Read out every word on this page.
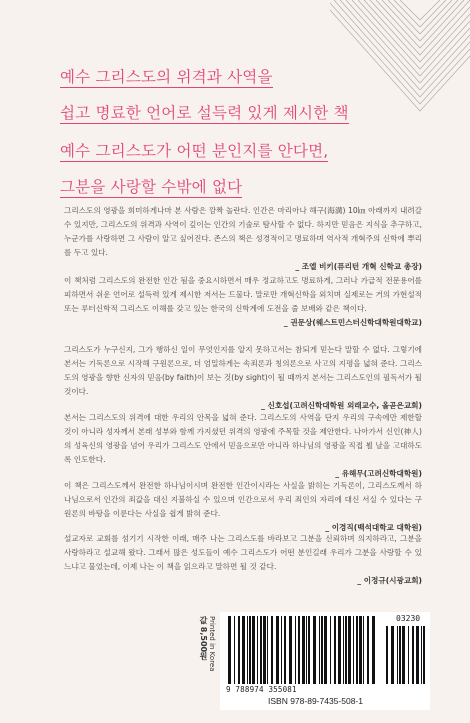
예수 그리스도의 위격과 사역을
쉽고 명료한 언어로 설득력 있게 제시한 책
예수 그리스도가 어떤 분인지를 안다면,
그분을 사랑할 수밖에 없다
그리스도의 영광을 희미하게나마 본 사람은 깜짝 놀란다. 인간은 마리아나 해구(海溝) 10㎞ 아래까지 내려갈 수 있지만, 그리스도의 위격과 사역이 깊이는 인간의 기술로 탐사할 수 없다. 하지만 믿음은 지식을 추구하고, 누군가를 사랑하면 그 사람이 알고 싶어진다. 존스의 책은 성경적이고 명료하며 역사적 개혁주의 신학에 뿌리를 두고 있다.
_ 조엘 비키(퓨리턴 개혁 신학교 총장)
이 책처럼 그리스도의 완전한 인간 됨을 중요시하면서 매우 정교하고도 명료하게, 그러나 가급적 전문용어를 피하면서 쉬운 언어로 설득력 있게 제시한 저서는 드물다. 말로만 개혁신학을 외치며 실제로는 거의 가현설적 또는 루터신학적 그리스도 이해를 갖고 있는 한국의 신학계에 도전을 줄 보배와 같은 책이다.
_ 권문상(웨스트민스터신학대학원대학교)
그리스도가 누구신지, 그가 행하신 일이 무엇인지를 알지 못하고서는 참되게 믿는다 말할 수 없다. 그렇기에 본서는 기독론으로 시작해 구원론으로, 더 엄밀하게는 속죄론과 칭의론으로 사고의 지평을 넓혀 준다. 그리스도의 영광을 향한 신자의 믿음(by faith)이 보는 것(by sight)이 될 때까지 본서는 그리스도인의 필독서가 될 것이다.
_ 신호섭(고려신학대학원 외래교수, 올곧은교회)
본서는 그리스도의 위격에 대한 우리의 안목을 넓혀 준다. 그리스도의 사역을 단지 우리의 구속에만 제한할 것이 아니라 성자께서 본래 성부와 함께 가지셨던 위격의 영광에 주목할 것을 제안한다. 나아가서 신인(神人)의 성육신의 영광을 넘어 우리가 그리스도 안에서 믿음으로만 아니라 하나님의 영광을 직접 뵐 날을 고대하도록 인도한다.
_ 유해무(고려신학대학원)
이 책은 그리스도께서 완전한 하나님이시며 완전한 인간이시라는 사실을 밝히는 기독론이, 그리스도께서 하나님으로서 인간의 죄값을 대신 지불하실 수 있으며 인간으로서 우리 죄인의 자리에 대신 서실 수 있다는 구원론의 바탕을 이룬다는 사실을 쉽게 밝혀 준다.
_ 이경직(백석대학교 대학원)
설교자로 교회를 섬기기 시작한 이래, 매주 나는 그리스도를 바라보고 그분을 신뢰하며 의지하라고, 그분을 사랑하라고 설교해 왔다. 그래서 많은 성도들이 예수 그리스도가 어떤 분인길래 우리가 그분을 사랑할 수 있느냐고 물었는데, 이제 나는 이 책을 읽으라고 말하면 될 것 같다.
_ 이정규(시광교회)
값 8,500원 Printed in Korea	03230
9 788974 355081
ISBN 978-89-7435-508-1
